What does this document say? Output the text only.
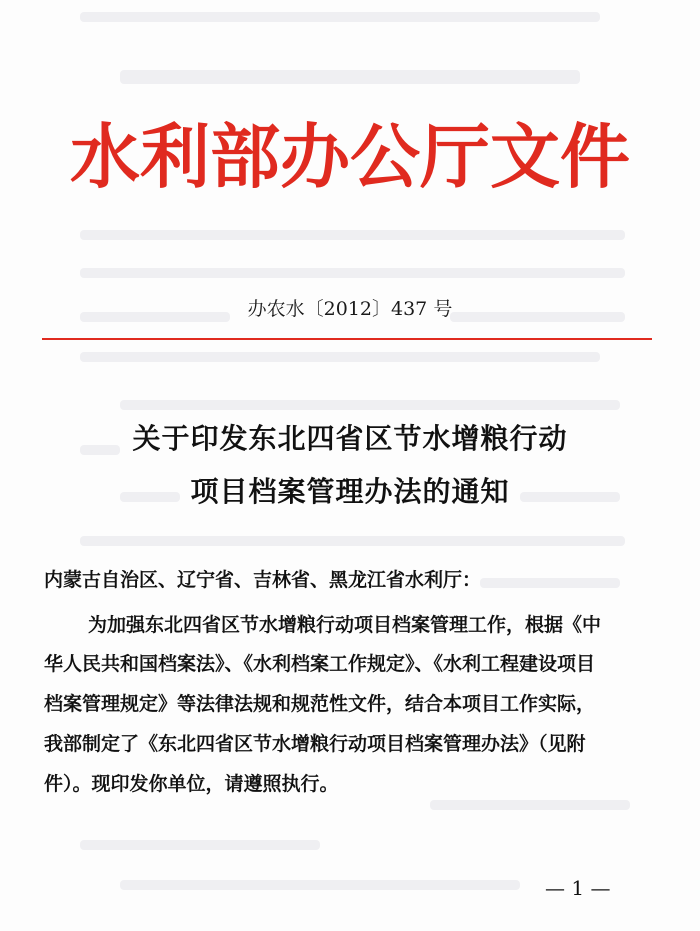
水利部办公厅文件
办农水〔2012〕437 号
关于印发东北四省区节水增粮行动
项目档案管理办法的通知
内蒙古自治区、辽宁省、吉林省、黑龙江省水利厅：
为加强东北四省区节水增粮行动项目档案管理工作，根据《中
华人民共和国档案法》、《水利档案工作规定》、《水利工程建设项目
档案管理规定》等法律法规和规范性文件，结合本项目工作实际，
我部制定了《东北四省区节水增粮行动项目档案管理办法》（见附
件）。现印发你单位，请遵照执行。
— 1 —
